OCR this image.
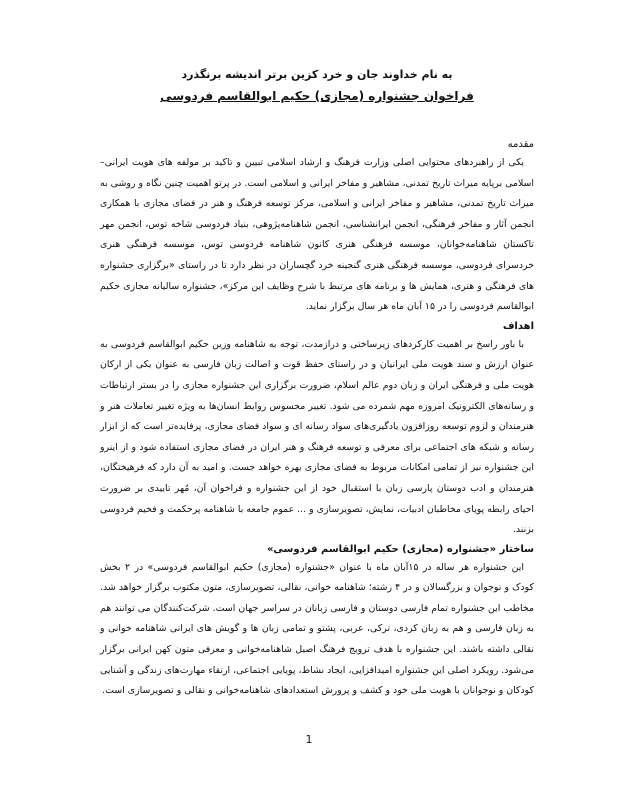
به نام خداوند جان و خرد کزین برتر اندیشه برنگذرد

فراخوان جشنواره (مجازی) حکیم ابوالقاسم فردوسی

مقدمه

یکی از راهبردهای محتوایی اصلی وزارت فرهنگ و ارشاد اسلامی تبیین و تاکید بر مولفه های هویت ایرانی– اسلامی برپایه میراث تاریخ تمدنی، مشاهیر و مفاخر ایرانی و اسلامی است. در پرتو اهمیت چنین نگاه و روشی به میراث تاریخ تمدنی، مشاهیر و مفاخر ایرانی و اسلامی، مرکز توسعه فرهنگ و هنر در فضای مجازی با همکاری انجمن آثار و مفاخر فرهنگی، انجمن ایرانشناسی، انجمن شاهنامه‌پژوهی، بنیاد فردوسی شاخه توس، انجمن مهر تاکستان شاهنامه‌خوانان، موسسه فرهنگی هنری کانون شاهنامه فردوسی توس، موسسه فرهنگی هنری خردسرای فردوسی، موسسه فرهنگی هنری گنجینه خرد گچساران در نظر دارد تا در راستای «برگزاری جشنواره های فرهنگی و هنری، همایش ها و برنامه های مرتبط با شرح وظایف این مرکز»، جشنواره سالیانه مجازی حکیم ابوالقاسم فردوسی را در ۱۵ آبان ماه هر سال برگزار نماید.

اهداف

با باور راسخ بر اهمیت کارکردهای زیرساختی و درازمدت، توجه به شاهنامه وزین حکیم ابوالقاسم فردوسی به عنوان ارزش و سند هویت ملی ایرانیان و در راستای حفظ قوت و اصالت زبان فارسی به عنوان یکی از ارکان هویت ملی و فرهنگی ایران و زبان دوم عالم اسلام، ضرورت برگزاری این جشنواره مجازی را در بستر ارتباطات و رسانه‌های الکترونیک امروزه مهم شمرده می شود. تغییر محسوس روابط انسان‌ها به ویژه تغییر تعاملات هنر و هنرمندان و لزوم توسعه روزافزون یادگیری‌های سواد رسانه ای و سواد فضای مجازی، پرفایده‌تر است که از ابزار رسانه و شبکه های اجتماعی برای معرفی و توسعه فرهنگ و هنر ایران در فضای مجازی استفاده شود و از اینرو این جشنواره نیز از تمامی امکانات مربوط به فضای مجازی بهره خواهد جست. و امید به آن دارد که فرهیختگان، هنرمندان و ادب دوستان پارسی زبان با استقبال خود از این جشنواره و فراخوان آن، مُهر تاییدی بر ضرورت احیای رابطه پویای مخاطبان ادبیات، نمایش، تصویرسازی و ... عموم جامعه با شاهنامه پرحکمت و فخیم فردوسی بزنند.

ساختار «جشنواره (مجازی) حکیم ابوالقاسم فردوسی»

این جشنواره هر ساله در ۱۵آبان ماه با عنوان «جشنواره (مجازی) حکیم ابوالقاسم فردوسی» در ۲ بخش کودک و نوجوان و بزرگسالان و در ۴ رشته؛ شاهنامه خوانی، نقالی، تصویرسازی، متون مکتوب برگزار خواهد شد. مخاطب این جشنواره تمام فارسی دوستان و فارسی زبانان در سراسر جهان است. شرکت‌کنندگان می توانند هم به زبان فارسی و هم به زبان کردی، ترکی، عربی، پشتو و تمامی زبان ها و گویش های ایرانی شاهنامه خوانی و نقالی داشته باشند. این جشنواره با هدف ترویج فرهنگ اصیل شاهنامه‌خوانی و معرفی متون کهن ایرانی برگزار می‌شود. رویکرد اصلی این جشنواره امیدافزایی، ایجاد نشاط، پویایی اجتماعی، ارتقاء مهارت‌های زندگی و آشنایی کودکان و نوجوانان با هویت ملی خود و کشف و پرورش استعدادهای شاهنامه‌خوانی و نقالی و تصویرسازی است.

1
